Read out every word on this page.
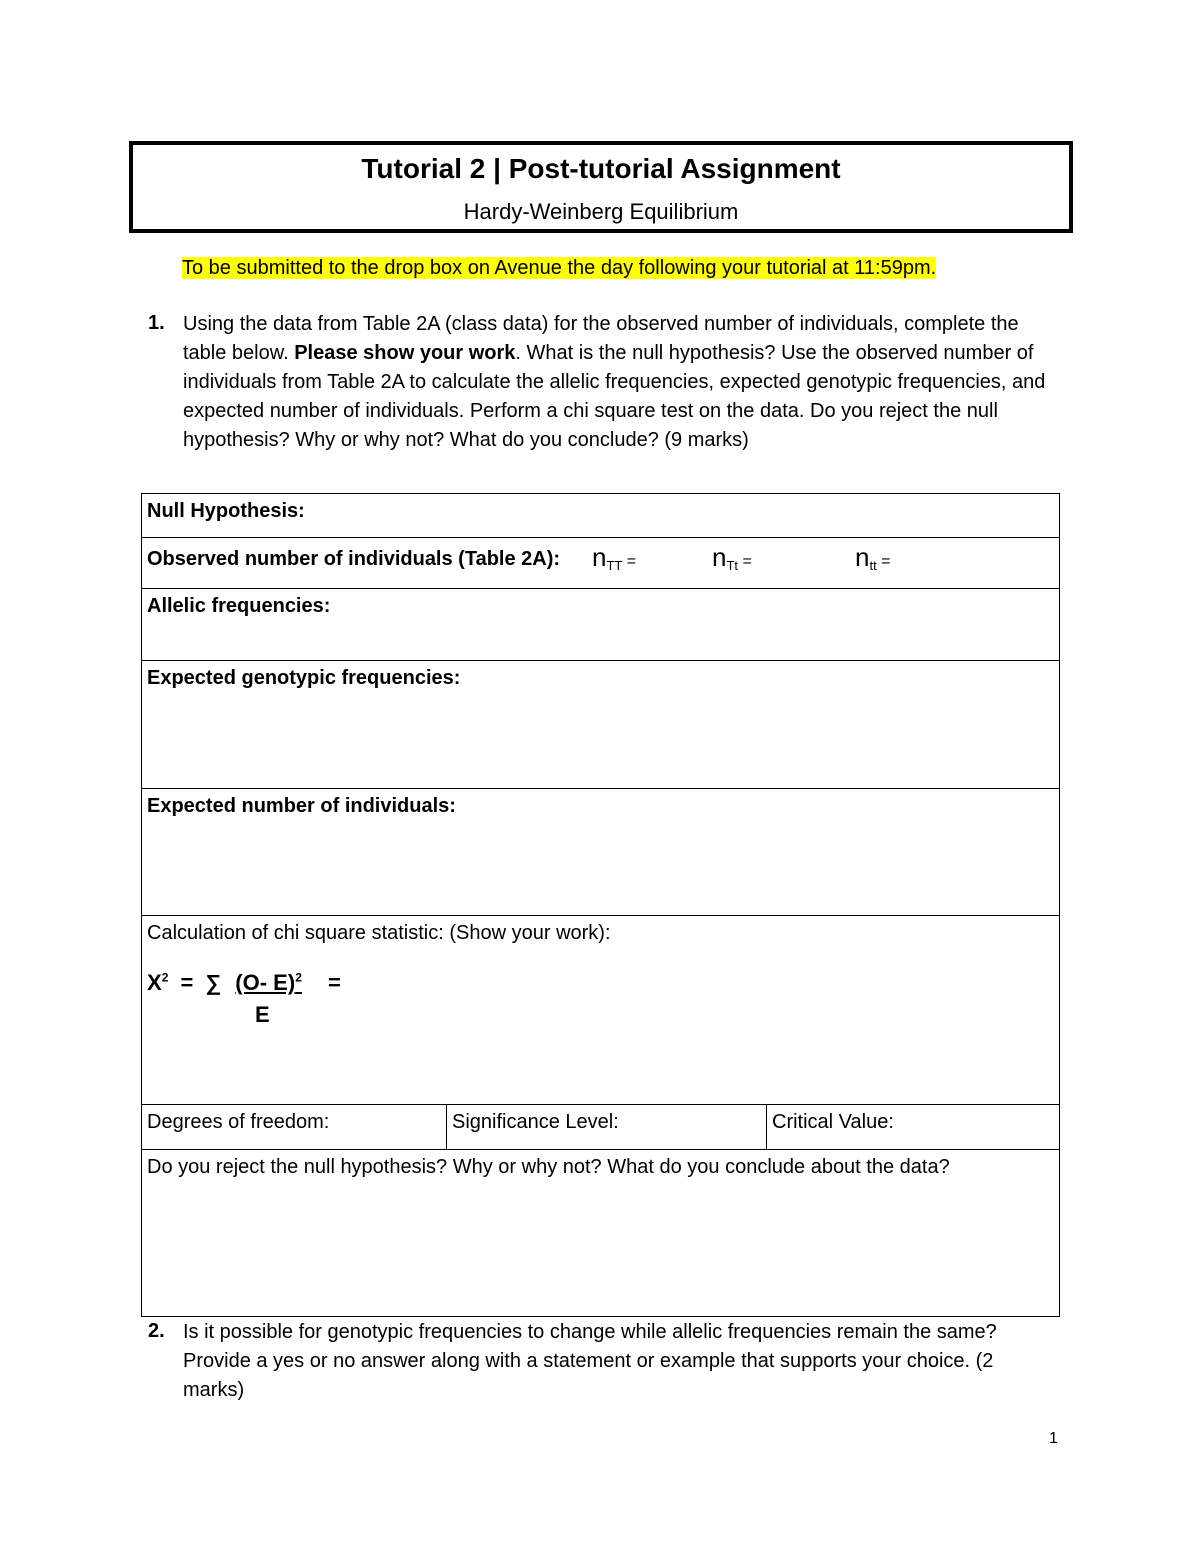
Tutorial 2 | Post-tutorial Assignment
Hardy-Weinberg Equilibrium
To be submitted to the drop box on Avenue the day following your tutorial at 11:59pm.
1. Using the data from Table 2A (class data) for the observed number of individuals, complete the table below. Please show your work. What is the null hypothesis? Use the observed number of individuals from Table 2A to calculate the allelic frequencies, expected genotypic frequencies, and expected number of individuals. Perform a chi square test on the data. Do you reject the null hypothesis? Why or why not? What do you conclude? (9 marks)
Null Hypothesis:
Observed number of individuals (Table 2A): $n_{TT}$ =	$n_{Tt}$ =	$n_{tt}$ =
Allelic frequencies:
Expected genotypic frequencies:
Expected number of individuals:
Calculation of chi square statistic: (Show your work):
$X^2$ = ∑ (O- E)$^2$ =
E
Degrees of freedom:	Significance Level:	Critical Value:
Do you reject the null hypothesis? Why or why not? What do you conclude about the data?
2. Is it possible for genotypic frequencies to change while allelic frequencies remain the same? Provide a yes or no answer along with a statement or example that supports your choice. (2 marks)
1
